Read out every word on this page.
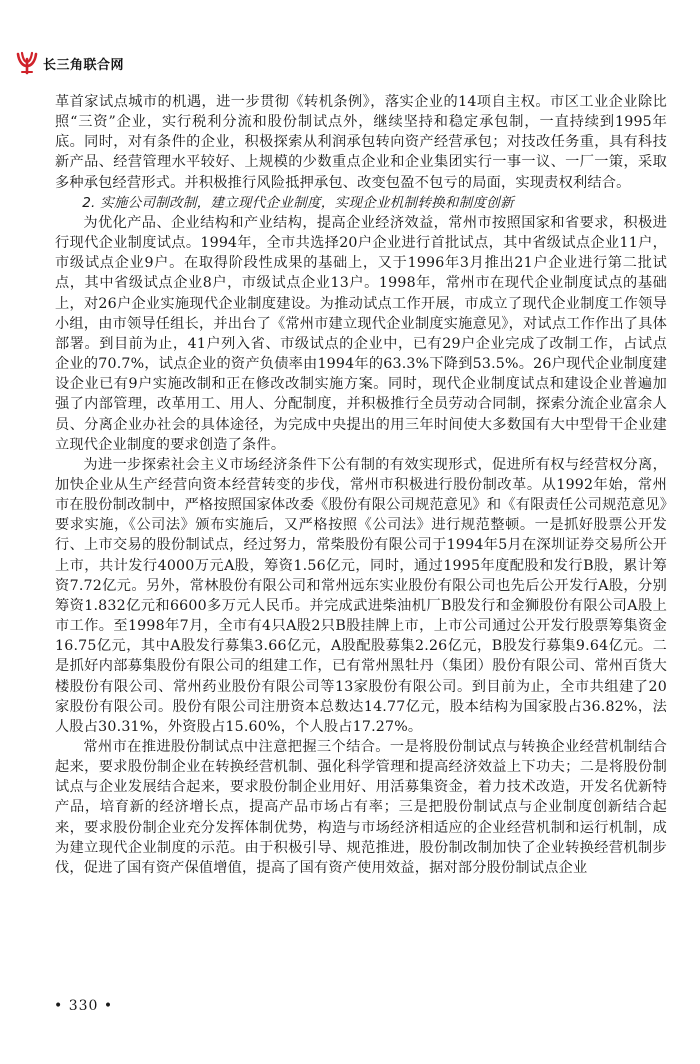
长三角联合网

革首家试点城市的机遇，进一步贯彻《转机条例》，落实企业的14项自主权。市区工业企业除比照“三资”企业，实行税利分流和股份制试点外，继续坚持和稳定承包制，一直持续到1995年底。同时，对有条件的企业，积极探索从利润承包转向资产经营承包；对技改任务重，具有科技新产品、经营管理水平较好、上规模的少数重点企业和企业集团实行一事一议、一厂一策，采取多种承包经营形式。并积极推行风险抵押承包、改变包盈不包亏的局面，实现责权利结合。

2. 实施公司制改制，建立现代企业制度，实现企业机制转换和制度创新

为优化产品、企业结构和产业结构，提高企业经济效益，常州市按照国家和省要求，积极进行现代企业制度试点。1994年，全市共选择20户企业进行首批试点，其中省级试点企业11户，市级试点企业9户。在取得阶段性成果的基础上，又于1996年3月推出21户企业进行第二批试点，其中省级试点企业8户，市级试点企业13户。1998年，常州市在现代企业制度试点的基础上，对26户企业实施现代企业制度建设。为推动试点工作开展，市成立了现代企业制度工作领导小组，由市领导任组长，并出台了《常州市建立现代企业制度实施意见》，对试点工作作出了具体部署。到目前为止，41户列入省、市级试点的企业中，已有29户企业完成了改制工作，占试点企业的70.7%，试点企业的资产负债率由1994年的63.3%下降到53.5%。26户现代企业制度建设企业已有9户实施改制和正在修改改制实施方案。同时，现代企业制度试点和建设企业普遍加强了内部管理，改革用工、用人、分配制度，并积极推行全员劳动合同制，探索分流企业富余人员、分离企业办社会的具体途径，为完成中央提出的用三年时间使大多数国有大中型骨干企业建立现代企业制度的要求创造了条件。

为进一步探索社会主义市场经济条件下公有制的有效实现形式，促进所有权与经营权分离，加快企业从生产经营向资本经营转变的步伐，常州市积极进行股份制改革。从1992年始，常州市在股份制改制中，严格按照国家体改委《股份有限公司规范意见》和《有限责任公司规范意见》要求实施，《公司法》颁布实施后，又严格按照《公司法》进行规范整顿。一是抓好股票公开发行、上市交易的股份制试点，经过努力，常柴股份有限公司于1994年5月在深圳证券交易所公开上市，共计发行4000万元A股，筹资1.56亿元，同时，通过1995年度配股和发行B股，累计筹资7.72亿元。另外，常林股份有限公司和常州远东实业股份有限公司也先后公开发行A股，分别筹资1.832亿元和6600多万元人民币。并完成武进柴油机厂B股发行和金狮股份有限公司A股上市工作。至1998年7月，全市有4只A股2只B股挂牌上市，上市公司通过公开发行股票筹集资金16.75亿元，其中A股发行募集3.66亿元，A股配股募集2.26亿元，B股发行募集9.64亿元。二是抓好内部募集股份有限公司的组建工作，已有常州黑牡丹（集团）股份有限公司、常州百货大楼股份有限公司、常州药业股份有限公司等13家股份有限公司。到目前为止，全市共组建了20家股份有限公司。股份有限公司注册资本总数达14.77亿元，股本结构为国家股占36.82%，法人股占30.31%，外资股占15.60%，个人股占17.27%。

常州市在推进股份制试点中注意把握三个结合。一是将股份制试点与转换企业经营机制结合起来，要求股份制企业在转换经营机制、强化科学管理和提高经济效益上下功夫；二是将股份制试点与企业发展结合起来，要求股份制企业用好、用活募集资金，着力技术改造，开发名优新特产品，培育新的经济增长点，提高产品市场占有率；三是把股份制试点与企业制度创新结合起来，要求股份制企业充分发挥体制优势，构造与市场经济相适应的企业经营机制和运行机制，成为建立现代企业制度的示范。由于积极引导、规范推进，股份制改制加快了企业转换经营机制步伐，促进了国有资产保值增值，提高了国有资产使用效益，据对部分股份制试点企业

• 330 •
